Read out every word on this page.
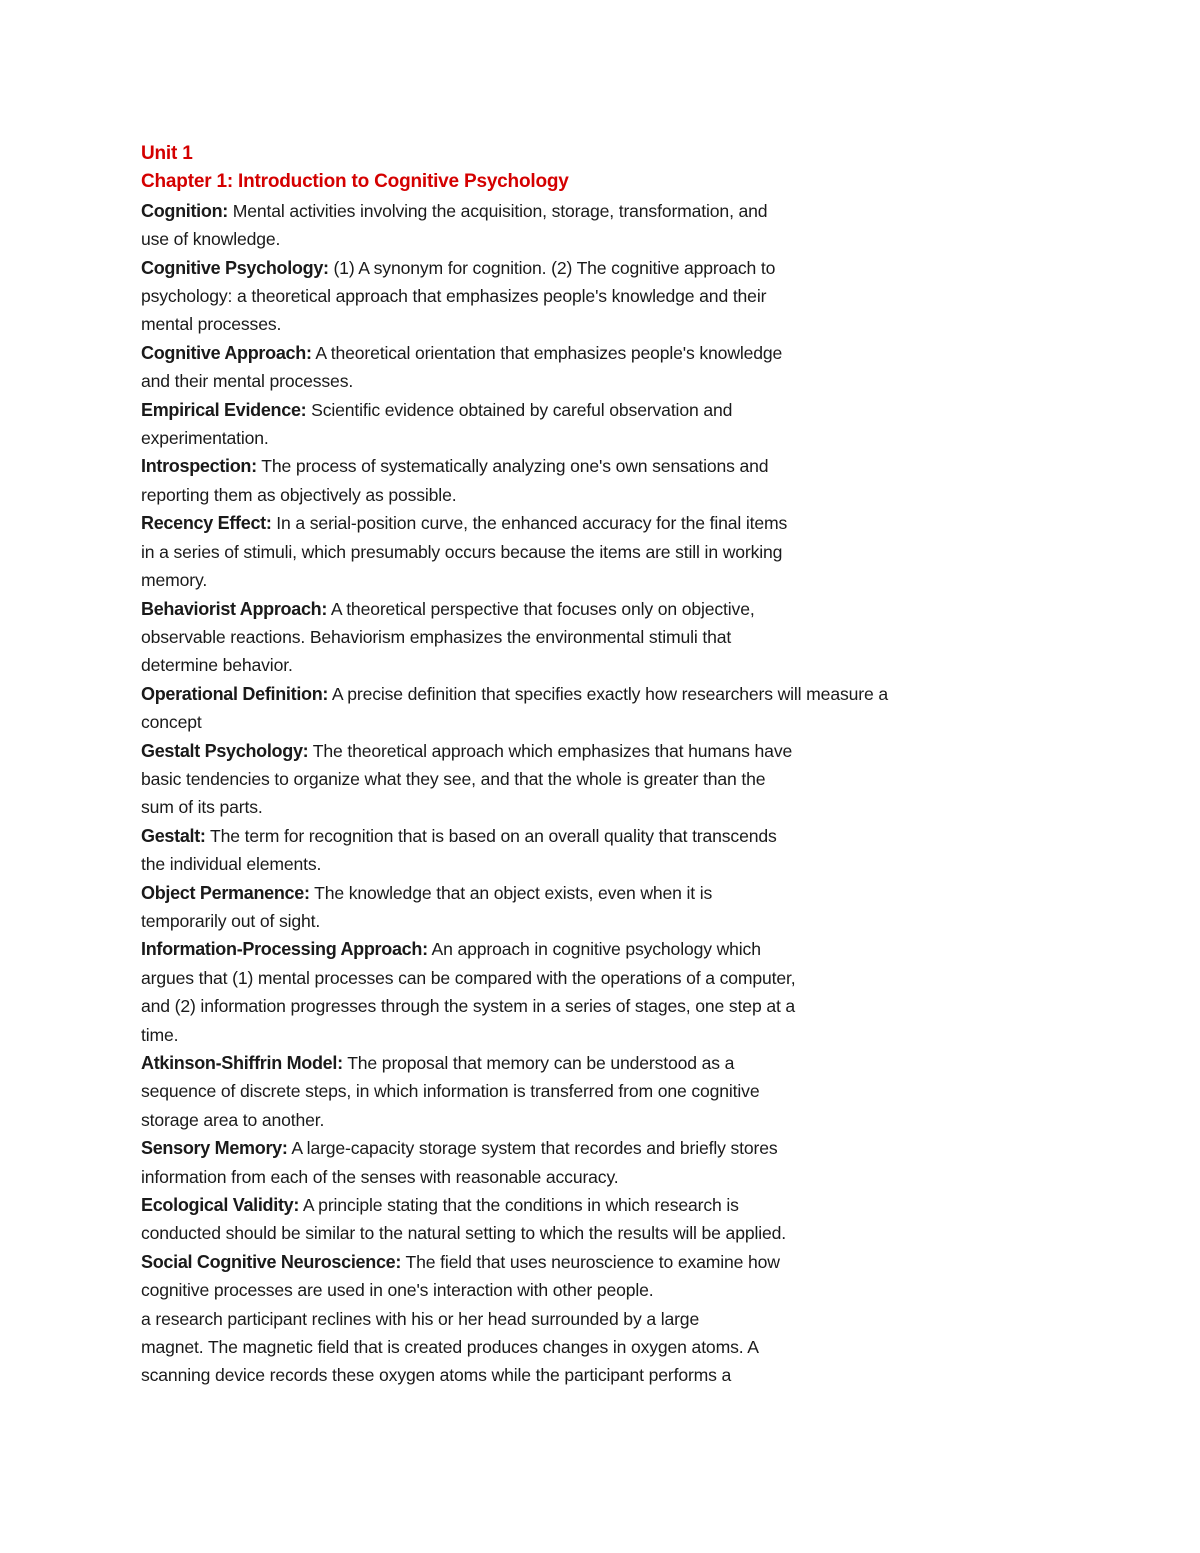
Unit 1
Chapter 1: Introduction to Cognitive Psychology
Cognition: Mental activities involving the acquisition, storage, transformation, and
use of knowledge.
Cognitive Psychology: (1) A synonym for cognition. (2) The cognitive approach to
psychology: a theoretical approach that emphasizes people's knowledge and their
mental processes.
Cognitive Approach: A theoretical orientation that emphasizes people's knowledge
and their mental processes.
Empirical Evidence: Scientific evidence obtained by careful observation and
experimentation.
Introspection: The process of systematically analyzing one's own sensations and
reporting them as objectively as possible.
Recency Effect: In a serial-position curve, the enhanced accuracy for the final items
in a series of stimuli, which presumably occurs because the items are still in working
memory.
Behaviorist Approach: A theoretical perspective that focuses only on objective,
observable reactions. Behaviorism emphasizes the environmental stimuli that
determine behavior.
Operational Definition: A precise definition that specifies exactly how researchers will measure a
concept
Gestalt Psychology: The theoretical approach which emphasizes that humans have
basic tendencies to organize what they see, and that the whole is greater than the
sum of its parts.
Gestalt: The term for recognition that is based on an overall quality that transcends
the individual elements.
Object Permanence: The knowledge that an object exists, even when it is
temporarily out of sight.
Information-Processing Approach: An approach in cognitive psychology which
argues that (1) mental processes can be compared with the operations of a computer,
and (2) information progresses through the system in a series of stages, one step at a
time.
Atkinson-Shiffrin Model: The proposal that memory can be understood as a
sequence of discrete steps, in which information is transferred from one cognitive
storage area to another.
Sensory Memory: A large-capacity storage system that recordes and briefly stores
information from each of the senses with reasonable accuracy.
Ecological Validity: A principle stating that the conditions in which research is
conducted should be similar to the natural setting to which the results will be applied.
Social Cognitive Neuroscience: The field that uses neuroscience to examine how
cognitive processes are used in one's interaction with other people.
a research participant reclines with his or her head surrounded by a large
magnet. The magnetic field that is created produces changes in oxygen atoms. A
scanning device records these oxygen atoms while the participant performs a
